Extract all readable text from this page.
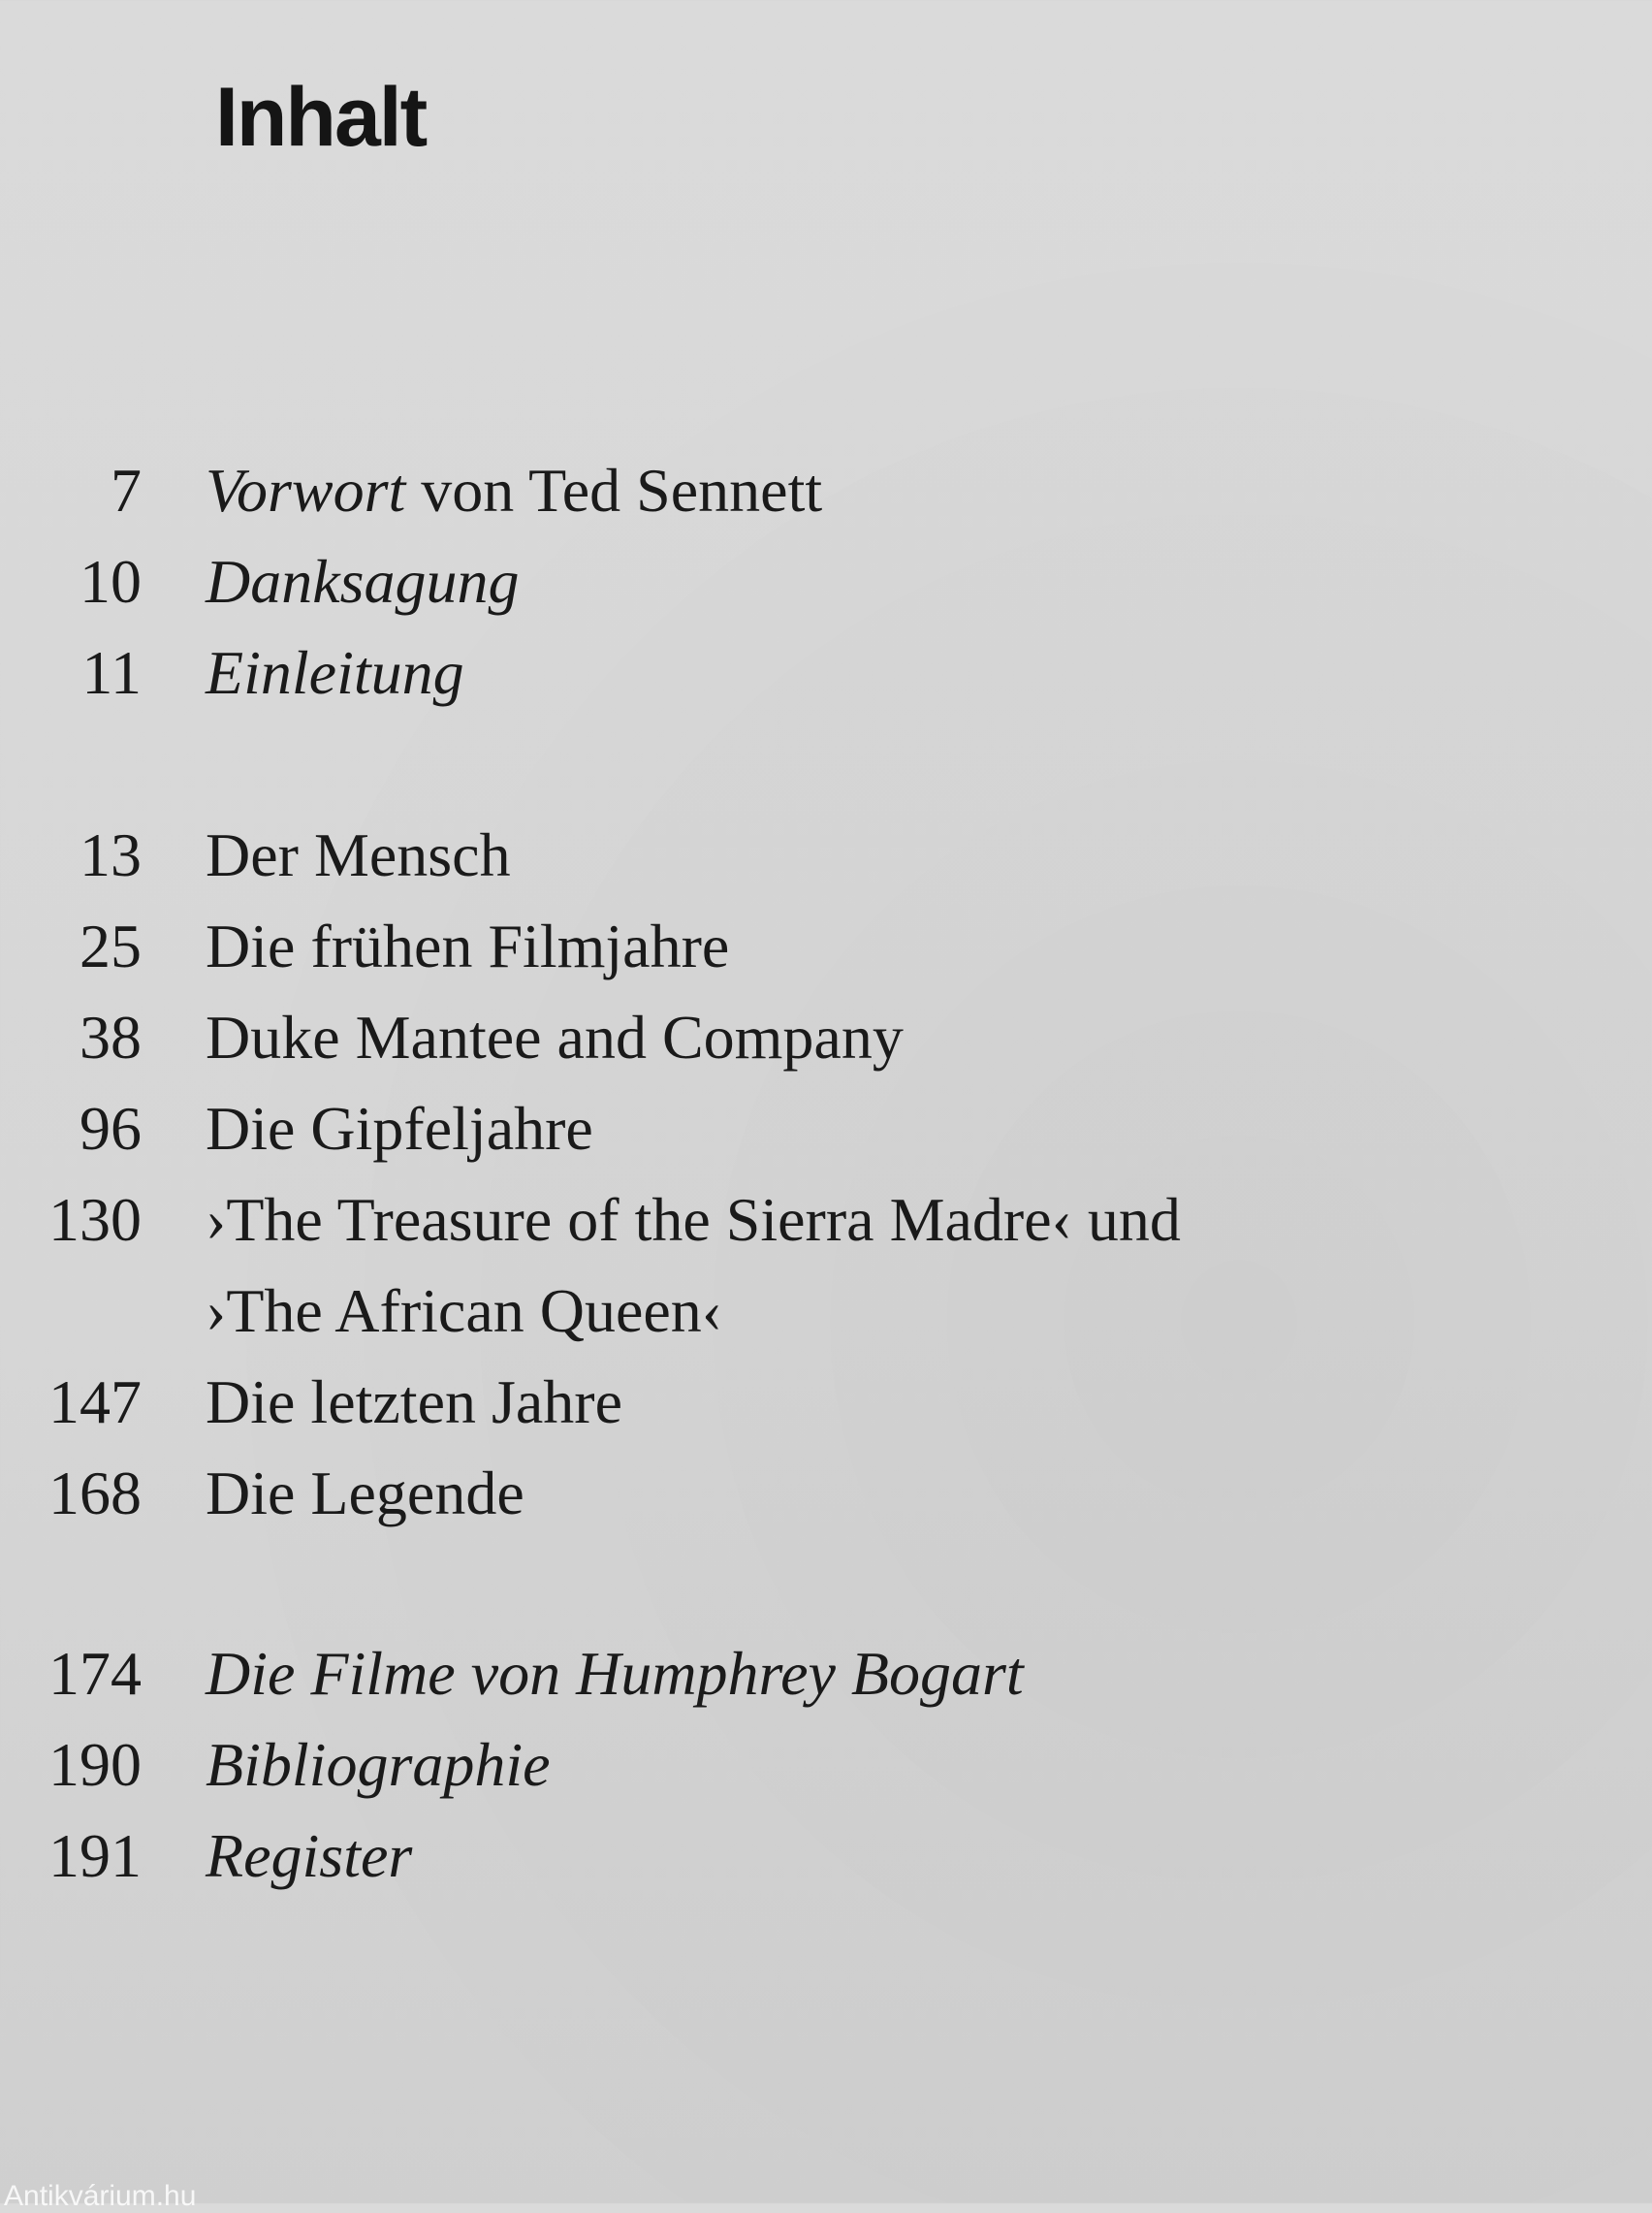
Inhalt
7 Vorwort von Ted Sennett
10 Danksagung
11 Einleitung
13 Der Mensch
25 Die frühen Filmjahre
38 Duke Mantee and Company
96 Die Gipfeljahre
130 ›The Treasure of the Sierra Madre‹ und
›The African Queen‹
147 Die letzten Jahre
168 Die Legende
174 Die Filme von Humphrey Bogart
190 Bibliographie
191 Register
Antikvárium.hu
